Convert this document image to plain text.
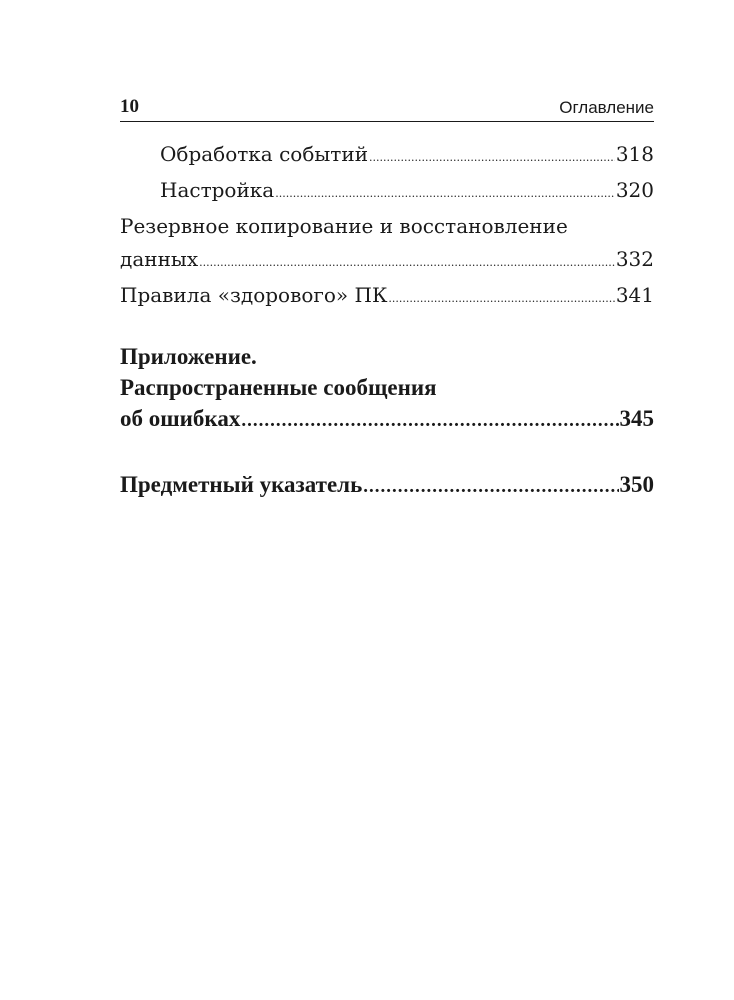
10	Оглавление
Обработка событий .....	318
Настройка .....	320
Резервное копирование и восстановление
данных .....	332
Правила «здорового» ПК .....	341
Приложение.
Распространенные сообщения
об ошибках .....	345
Предметный указатель .....	350
